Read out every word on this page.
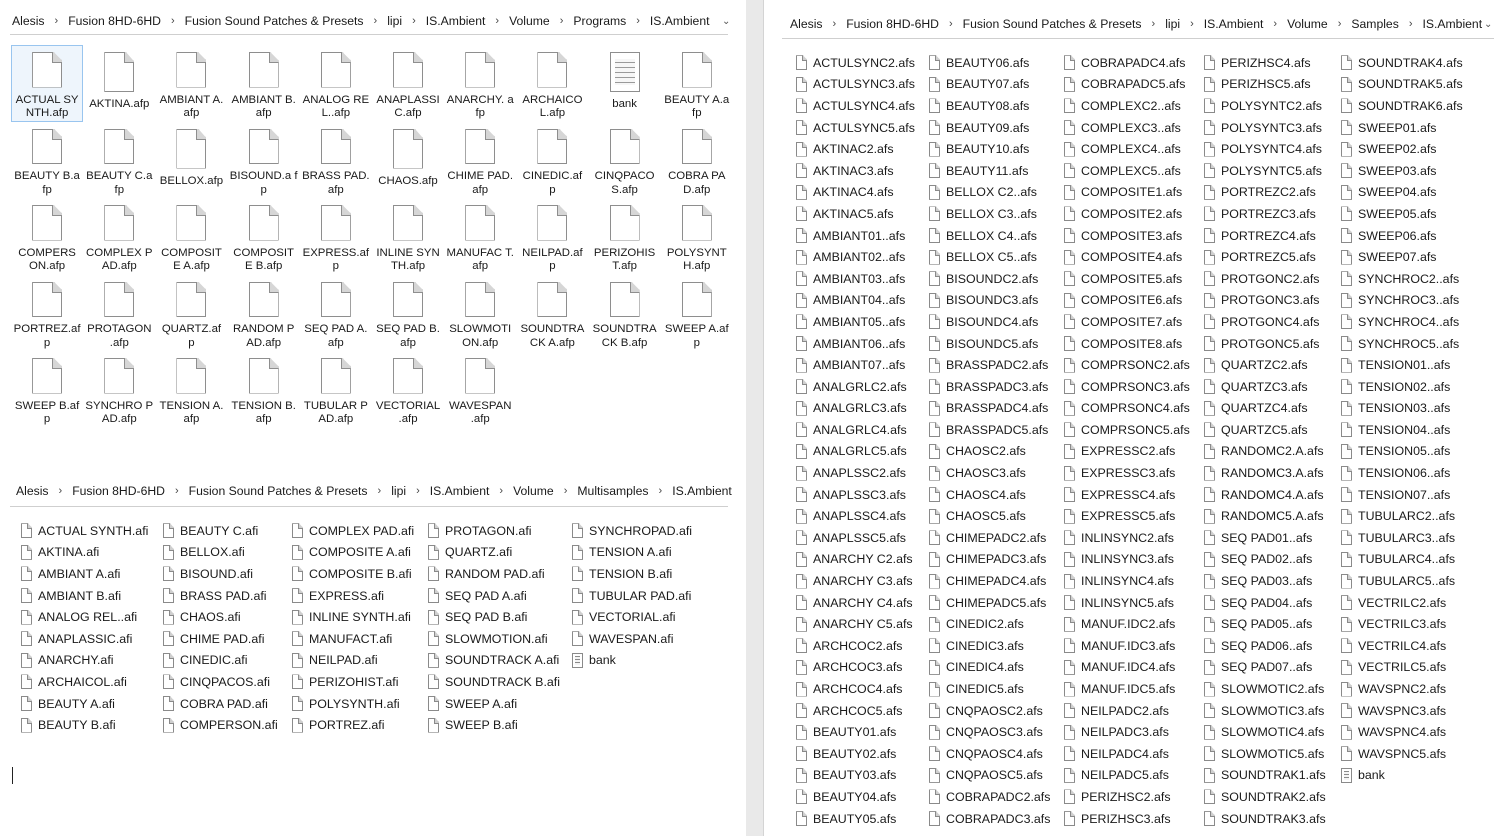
Alesis › Fusion 8HD-6HD › Fusion Sound Patches & Presets › lipi › IS.Ambient › Volume › Programs › IS.Ambient ⌄
ACTUAL SYNTH.afp
AKTINA.afp AMBIANT A.afp
AMBIANT B.afp
ANALOG REL..afp
ANAPLASSI C.afp
ANARCHY. afp
ARCHAICO L.afp
bank	BEAUTY A.afp
BEAUTY B.afp
BEAUTY C.afp
BELLOX.afp BISOUND.a fp
BRASS PAD.afp
CHAOS.afp CHIME PAD.afp
CINEDIC.af p
CINQPACO S.afp
COBRA PAD.afp
COMPERS ON.afp
COMPLEX PAD.afp
COMPOSIT E A.afp
COMPOSIT E B.afp
EXPRESS.af p
INLINE SYNTH.afp
MANUFAC T.afp
NEILPAD.af p
PERIZOHIS T.afp
POLYSYNT H.afp
PORTREZ.af p
PROTAGON .afp
QUARTZ.af p
RANDOM PAD.afp
SEQ PAD A.afp
SEQ PAD B.afp
SLOWMOTI ON.afp
SOUNDTRA CK A.afp
SOUNDTRA CK B.afp
SWEEP A.afp
SWEEP B.afp
SYNCHRO PAD.afp
TENSION A.afp
TENSION B.afp
TUBULAR PAD.afp
VECTORIAL .afp
WAVESPAN .afp
Alesis › Fusion 8HD-6HD › Fusion Sound Patches & Presets › lipi › IS.Ambient › Volume › Multisamples › IS.Ambient
ACTUAL SYNTH.afi
AKTINA.afi
AMBIANT A.afi
AMBIANT B.afi
ANALOG REL..afi
ANAPLASSIC.afi
ANARCHY.afi
ARCHAICOL.afi
BEAUTY A.afi
BEAUTY B.afi
BEAUTY C.afi
BELLOX.afi
BISOUND.afi
BRASS PAD.afi
CHAOS.afi
CHIME PAD.afi
CINEDIC.afi
CINQPACOS.afi
COBRA PAD.afi
COMPERSON.afi
COMPLEX PAD.afi
COMPOSITE A.afi
COMPOSITE B.afi
EXPRESS.afi
INLINE SYNTH.afi
MANUFACT.afi
NEILPAD.afi
PERIZOHIST.afi
POLYSYNTH.afi
PORTREZ.afi
PROTAGON.afi
QUARTZ.afi
RANDOM PAD.afi
SEQ PAD A.afi
SEQ PAD B.afi
SLOWMOTION.afi
SOUNDTRACK A.afi
SOUNDTRACK B.afi
SWEEP A.afi
SWEEP B.afi
SYNCHROPAD.afi
TENSION A.afi
TENSION B.afi
TUBULAR PAD.afi
VECTORIAL.afi
WAVESPAN.afi
bank
Alesis › Fusion 8HD-6HD › Fusion Sound Patches & Presets › lipi › IS.Ambient › Volume › Samples › IS.Ambient ⌄
ACTULSYNC2.afs
ACTULSYNC3.afs
ACTULSYNC4.afs
ACTULSYNC5.afs
AKTINAC2.afs
AKTINAC3.afs
AKTINAC4.afs
AKTINAC5.afs
AMBIANT01..afs
AMBIANT02..afs
AMBIANT03..afs
AMBIANT04..afs
AMBIANT05..afs
AMBIANT06..afs
AMBIANT07..afs
ANALGRLC2.afs
ANALGRLC3.afs
ANALGRLC4.afs
ANALGRLC5.afs
ANAPLSSC2.afs
ANAPLSSC3.afs
ANAPLSSC4.afs
ANAPLSSC5.afs
ANARCHY C2.afs
ANARCHY C3.afs
ANARCHY C4.afs
ANARCHY C5.afs
ARCHCOC2.afs
ARCHCOC3.afs
ARCHCOC4.afs
ARCHCOC5.afs
BEAUTY01.afs
BEAUTY02.afs
BEAUTY03.afs
BEAUTY04.afs
BEAUTY05.afs
BEAUTY06.afs
BEAUTY07.afs
BEAUTY08.afs
BEAUTY09.afs
BEAUTY10.afs
BEAUTY11.afs
BELLOX C2..afs
BELLOX C3..afs
BELLOX C4..afs
BELLOX C5..afs
BISOUNDC2.afs
BISOUNDC3.afs
BISOUNDC4.afs
BISOUNDC5.afs
BRASSPADC2.afs
BRASSPADC3.afs
BRASSPADC4.afs
BRASSPADC5.afs
CHAOSC2.afs
CHAOSC3.afs
CHAOSC4.afs
CHAOSC5.afs
CHIMEPADC2.afs
CHIMEPADC3.afs
CHIMEPADC4.afs
CHIMEPADC5.afs
CINEDIC2.afs
CINEDIC3.afs
CINEDIC4.afs
CINEDIC5.afs
CNQPAOSC2.afs
CNQPAOSC3.afs
CNQPAOSC4.afs
CNQPAOSC5.afs
COBRAPADC2.afs
COBRAPADC3.afs
COBRAPADC4.afs
COBRAPADC5.afs
COMPLEXC2..afs
COMPLEXC3..afs
COMPLEXC4..afs
COMPLEXC5..afs
COMPOSITE1.afs
COMPOSITE2.afs
COMPOSITE3.afs
COMPOSITE4.afs
COMPOSITE5.afs
COMPOSITE6.afs
COMPOSITE7.afs
COMPOSITE8.afs
COMPRSONC2.afs
COMPRSONC3.afs
COMPRSONC4.afs
COMPRSONC5.afs
EXPRESSC2.afs
EXPRESSC3.afs
EXPRESSC4.afs
EXPRESSC5.afs
INLINSYNC2.afs
INLINSYNC3.afs
INLINSYNC4.afs
INLINSYNC5.afs
MANUF.IDC2.afs
MANUF.IDC3.afs
MANUF.IDC4.afs
MANUF.IDC5.afs
NEILPADC2.afs
NEILPADC3.afs
NEILPADC4.afs
NEILPADC5.afs
PERIZHSC2.afs
PERIZHSC3.afs
PERIZHSC4.afs
PERIZHSC5.afs
POLYSYNTC2.afs
POLYSYNTC3.afs
POLYSYNTC4.afs
POLYSYNTC5.afs
PORTREZC2.afs
PORTREZC3.afs
PORTREZC4.afs
PORTREZC5.afs
PROTGONC2.afs
PROTGONC3.afs
PROTGONC4.afs
PROTGONC5.afs
QUARTZC2.afs
QUARTZC3.afs
QUARTZC4.afs
QUARTZC5.afs
RANDOMC2.A.afs
RANDOMC3.A.afs
RANDOMC4.A.afs
RANDOMC5.A.afs
SEQ PAD01..afs
SEQ PAD02..afs
SEQ PAD03..afs
SEQ PAD04..afs
SEQ PAD05..afs
SEQ PAD06..afs
SEQ PAD07..afs
SLOWMOTIC2.afs
SLOWMOTIC3.afs
SLOWMOTIC4.afs
SLOWMOTIC5.afs
SOUNDTRAK1.afs
SOUNDTRAK2.afs
SOUNDTRAK3.afs
SOUNDTRAK4.afs
SOUNDTRAK5.afs
SOUNDTRAK6.afs
SWEEP01.afs
SWEEP02.afs
SWEEP03.afs
SWEEP04.afs
SWEEP05.afs
SWEEP06.afs
SWEEP07.afs
SYNCHROC2..afs
SYNCHROC3..afs
SYNCHROC4..afs
SYNCHROC5..afs
TENSION01..afs
TENSION02..afs
TENSION03..afs
TENSION04..afs
TENSION05..afs
TENSION06..afs
TENSION07..afs
TUBULARC2..afs
TUBULARC3..afs
TUBULARC4..afs
TUBULARC5..afs
VECTRILC2.afs
VECTRILC3.afs
VECTRILC4.afs
VECTRILC5.afs
WAVSPNC2.afs
WAVSPNC3.afs
WAVSPNC4.afs
WAVSPNC5.afs
bank
